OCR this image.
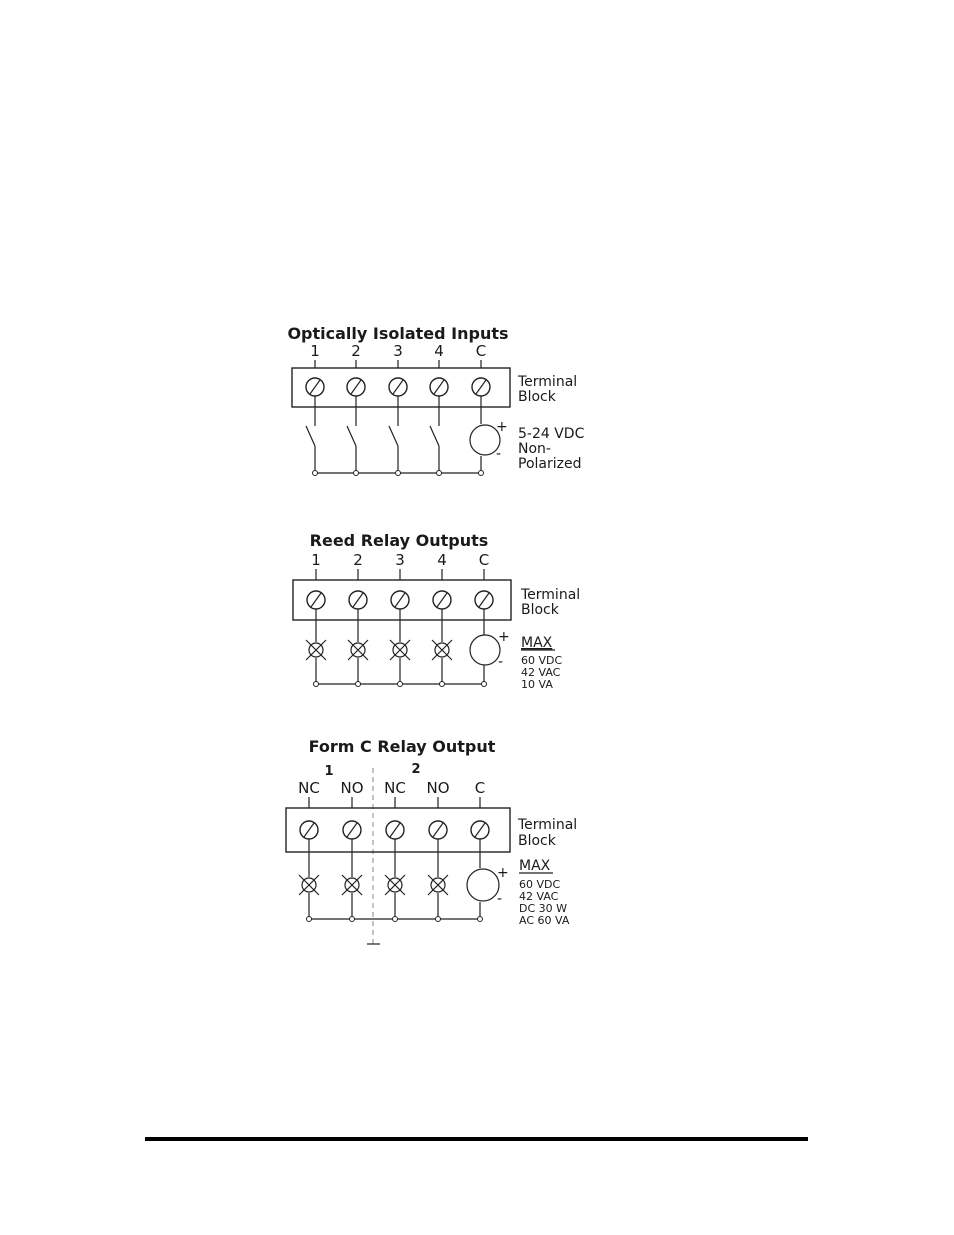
Optically Isolated Inputs
1 2 3 4 C
Terminal
Block
+
-
5-24 VDC
Non-
Polarized
Reed Relay Outputs
1 2 3 4 C
Terminal
Block
+
-
MAX
60 VDC
42 VAC
10 VA
Form C Relay Output
1	2
NC NO NC NO C
Terminal
Block
+
-
MAX
60 VDC
42 VAC
DC 30 W
AC 60 VA
